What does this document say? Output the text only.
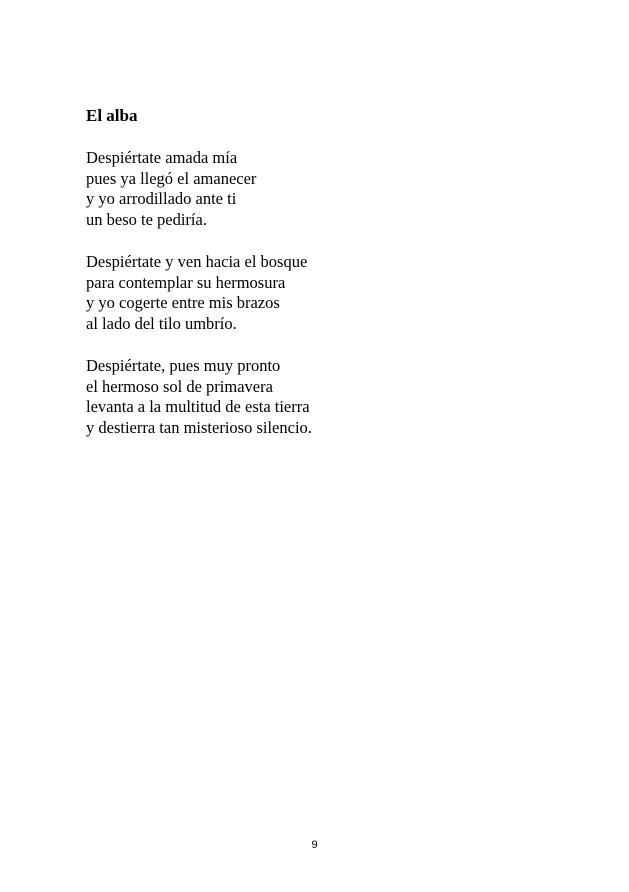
El alba
Despiértate amada mía
pues ya llegó el amanecer
y yo arrodillado ante ti
un beso te pediría.
Despiértate y ven hacia el bosque
para contemplar su hermosura
y yo cogerte entre mis brazos
al lado del tilo umbrío.
Despiértate, pues muy pronto
el hermoso sol de primavera
levanta a la multitud de esta tierra
y destierra tan misterioso silencio.
9
